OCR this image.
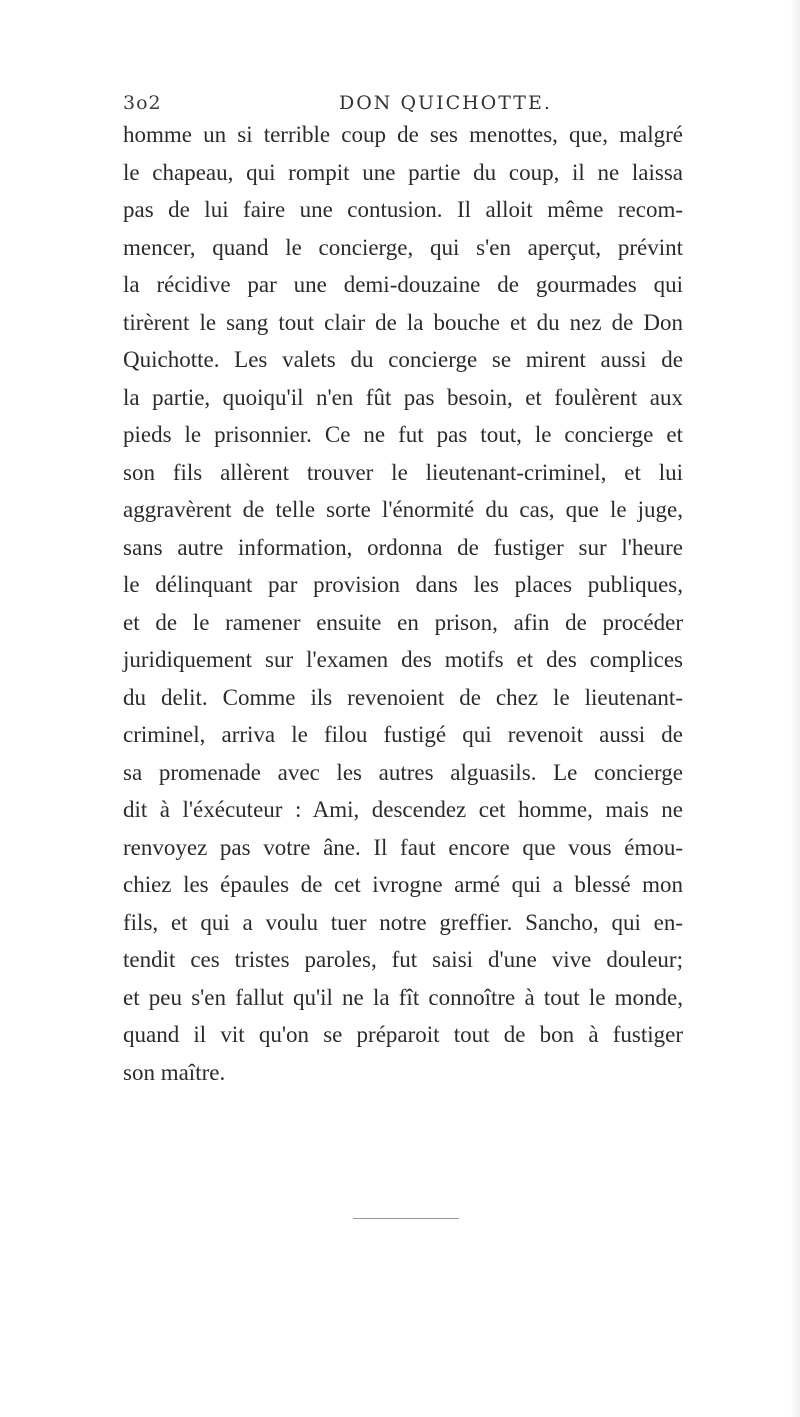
3o2	DON QUICHOTTE.

homme un si terrible coup de ses menottes, que, malgré
le chapeau, qui rompit une partie du coup, il ne laissa
pas de lui faire une contusion. Il alloit même recom-
mencer, quand le concierge, qui s'en aperçut, prévint
la récidive par une demi-douzaine de gourmades qui
tirèrent le sang tout clair de la bouche et du nez de Don
Quichotte. Les valets du concierge se mirent aussi de
la partie, quoiqu'il n'en fût pas besoin, et foulèrent aux
pieds le prisonnier. Ce ne fut pas tout, le concierge et
son fils allèrent trouver le lieutenant-criminel, et lui
aggravèrent de telle sorte l'énormité du cas, que le juge,
sans autre information, ordonna de fustiger sur l'heure
le délinquant par provision dans les places publiques,
et de le ramener ensuite en prison, afin de procéder
juridiquement sur l'examen des motifs et des complices
du delit. Comme ils revenoient de chez le lieutenant-
criminel, arriva le filou fustigé qui revenoit aussi de
sa promenade avec les autres alguasils. Le concierge
dit à l'éxécuteur : Ami, descendez cet homme, mais ne
renvoyez pas votre âne. Il faut encore que vous émou-
chiez les épaules de cet ivrogne armé qui a blessé mon
fils, et qui a voulu tuer notre greffier. Sancho, qui en-
tendit ces tristes paroles, fut saisi d'une vive douleur;
et peu s'en fallut qu'il ne la fît connoître à tout le monde,
quand il vit qu'on se préparoit tout de bon à fustiger
son maître.
